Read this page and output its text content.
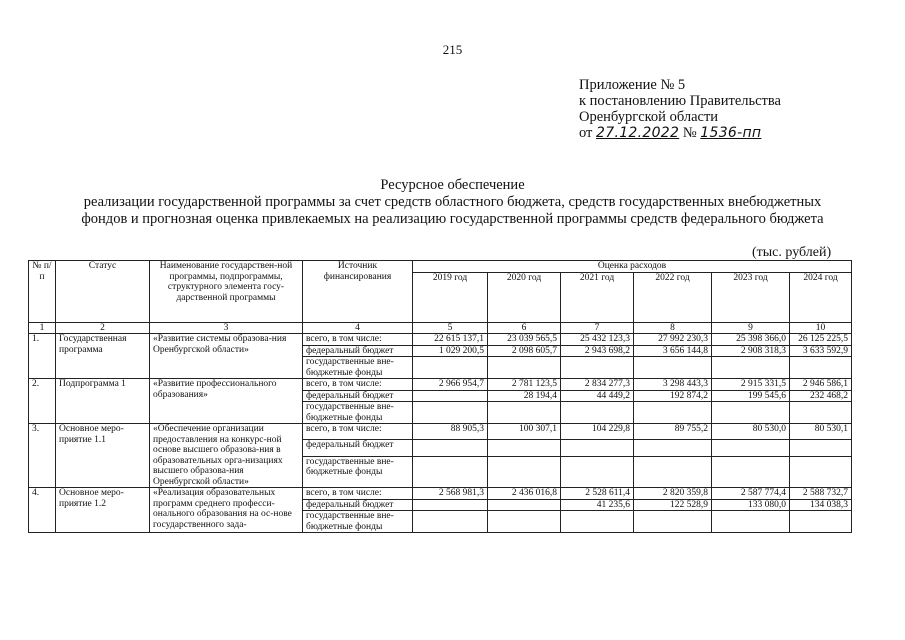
215
Приложение № 5
к постановлению Правительства
Оренбургской области
от 27.12.2022 № 1536-пп
Ресурсное обеспечение
реализации государственной программы за счет средств областного бюджета, средств государственных внебюджетных
фондов и прогнозная оценка привлекаемых на реализацию государственной программы средств федерального бюджета
(тыс. рублей)
№ п/п	Статус	Наименование государствен-ной программы, подпрограммы, структурного элемента госу-дарственной программы	Источник финансирования	Оценка расходов					
				2019 год	2020 год	2021 год	2022 год	2023 год	2024 год
1	2	3	4	5	6	7	8	9	10
1.	Государственная программа	«Развитие системы образова-ния Оренбургской области»	всего, в том числе:	22 615 137,1	23 039 565,5	25 432 123,3	27 992 230,3	25 398 366,0	26 125 225,5
			федеральный бюджет	1 029 200,5	2 098 605,7	2 943 698,2	3 656 144,8	2 908 318,3	3 633 592,9
			государственные вне-бюджетные фонды						
2.	Подпрограмма 1	«Развитие профессионального образования»	всего, в том числе:	2 966 954,7	2 781 123,5	2 834 277,3	3 298 443,3	2 915 331,5	2 946 586,1
			федеральный бюджет		28 194,4	44 449,2	192 874,2	199 545,6	232 468,2
			государственные вне-бюджетные фонды						
3.	Основное меро-приятие 1.1	«Обеспечение организации предоставления на конкурс-ной основе высшего образова-ния в образовательных орга-низациях высшего образова-ния Оренбургской области»	всего, в том числе:	88 905,3	100 307,1	104 229,8	89 755,2	80 530,0	80 530,1
			федеральный бюджет						
			государственные вне-бюджетные фонды						
4.	Основное меро-приятие 1.2	«Реализация образовательных программ среднего професси-онального образования на ос-нове государственного зада-	всего, в том числе:	2 568 981,3	2 436 016,8	2 528 611,4	2 820 359,8	2 587 774,4	2 588 732,7
			федеральный бюджет			41 235,6	122 528,9	133 080,0	134 038,3
			государственные вне-бюджетные фонды						
